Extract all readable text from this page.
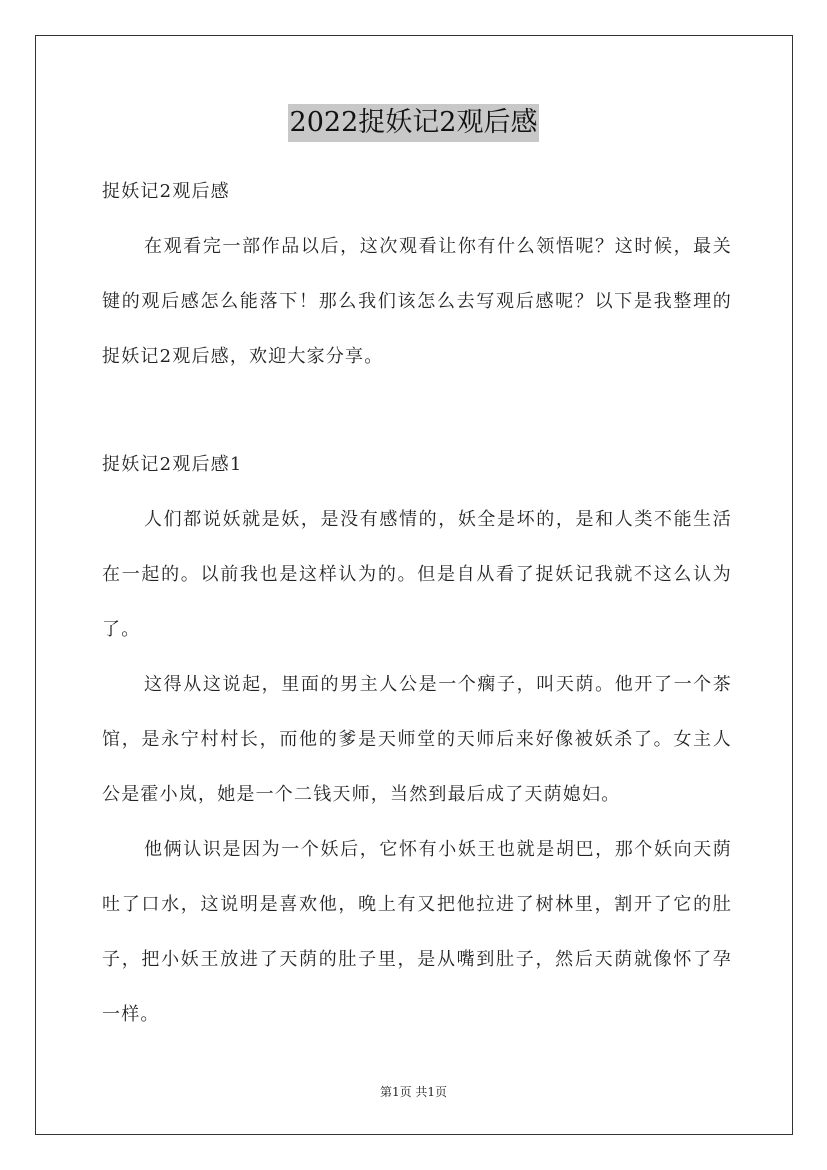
2022捉妖记2观后感
捉妖记2观后感
在观看完一部作品以后，这次观看让你有什么领悟呢？这时候，最关键的观后感怎么能落下！那么我们该怎么去写观后感呢？以下是我整理的捉妖记2观后感，欢迎大家分享。
捉妖记2观后感1
人们都说妖就是妖，是没有感情的，妖全是坏的，是和人类不能生活在一起的。以前我也是这样认为的。但是自从看了捉妖记我就不这么认为了。
这得从这说起，里面的男主人公是一个瘸子，叫天荫。他开了一个茶馆，是永宁村村长，而他的爹是天师堂的天师后来好像被妖杀了。女主人公是霍小岚，她是一个二钱天师，当然到最后成了天荫媳妇。
他俩认识是因为一个妖后，它怀有小妖王也就是胡巴，那个妖向天荫吐了口水，这说明是喜欢他，晚上有又把他拉进了树林里，割开了它的肚子，把小妖王放进了天荫的肚子里，是从嘴到肚子，然后天荫就像怀了孕一样。
第1页 共1页
